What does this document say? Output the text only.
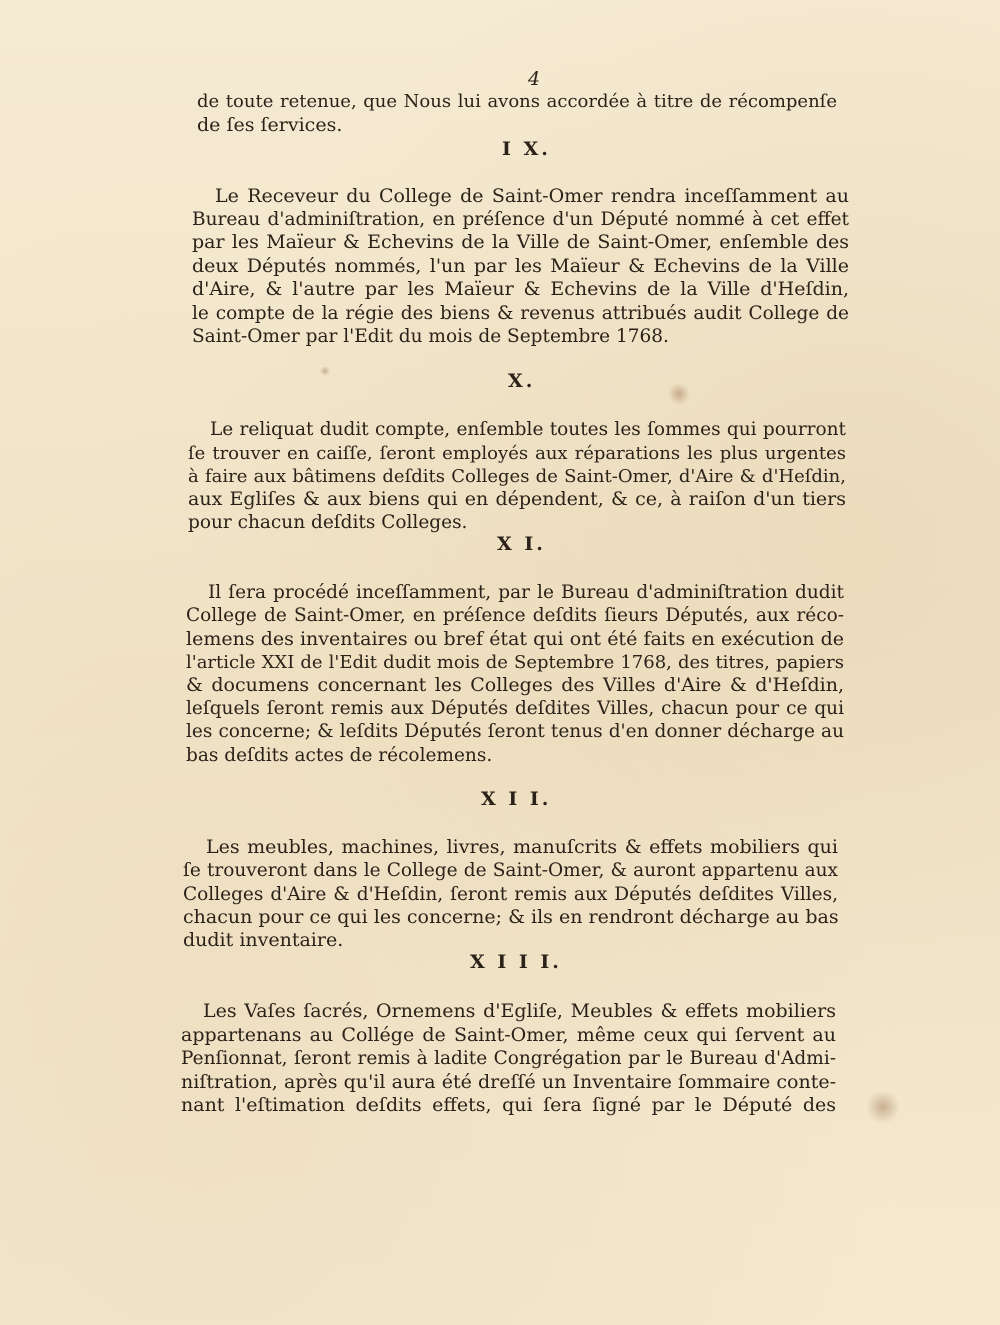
4
de toute retenue, que Nous lui avons accordée à titre de récompenſe
de ſes ſervices.
I X.
Le Receveur du College de Saint-Omer rendra inceſſamment au
Bureau d'adminiſtration, en préſence d'un Député nommé à cet effet
par les Maïeur & Echevins de la Ville de Saint-Omer, enſemble des
deux Députés nommés, l'un par les Maïeur & Echevins de la Ville
d'Aire, & l'autre par les Maïeur & Echevins de la Ville d'Heſdin,
le compte de la régie des biens & revenus attribués audit College de
Saint-Omer par l'Edit du mois de Septembre 1768.
X.
Le reliquat dudit compte, enſemble toutes les ſommes qui pourront
ſe trouver en caiſſe, ſeront employés aux réparations les plus urgentes
à faire aux bâtimens deſdits Colleges de Saint-Omer, d'Aire & d'Heſdin,
aux Egliſes & aux biens qui en dépendent, & ce, à raiſon d'un tiers
pour chacun deſdits Colleges.
X I.
Il ſera procédé inceſſamment, par le Bureau d'adminiſtration dudit
College de Saint-Omer, en préſence deſdits ſieurs Députés, aux réco-
lemens des inventaires ou bref état qui ont été faits en exécution de
l'article XXI de l'Edit dudit mois de Septembre 1768, des titres, papiers
& documens concernant les Colleges des Villes d'Aire & d'Heſdin,
leſquels ſeront remis aux Députés deſdites Villes, chacun pour ce qui
les concerne; & leſdits Députés ſeront tenus d'en donner décharge au
bas deſdits actes de récolemens.
X I I.
Les meubles, machines, livres, manuſcrits & effets mobiliers qui
ſe trouveront dans le College de Saint-Omer, & auront appartenu aux
Colleges d'Aire & d'Heſdin, ſeront remis aux Députés deſdites Villes,
chacun pour ce qui les concerne; & ils en rendront décharge au bas
dudit inventaire.
X I I I.
Les Vaſes ſacrés, Ornemens d'Egliſe, Meubles & effets mobiliers
appartenans au Collége de Saint-Omer, même ceux qui ſervent au
Penſionnat, ſeront remis à ladite Congrégation par le Bureau d'Admi-
niſtration, après qu'il aura été dreſſé un Inventaire ſommaire conte-
nant l'eſtimation deſdits effets, qui ſera ſigné par le Député des
